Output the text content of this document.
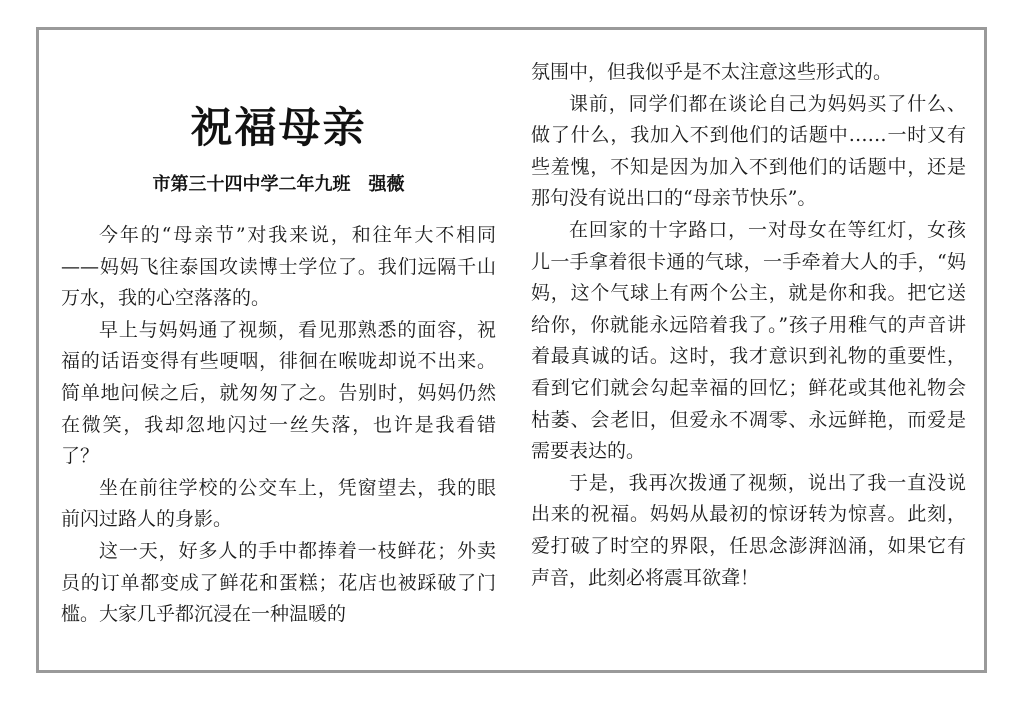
祝福母亲
市第三十四中学二年九班　强薇

今年的“母亲节”对我来说，和往年大不相同——妈妈飞往泰国攻读博士学位了。我们远隔千山万水，我的心空落落的。

早上与妈妈通了视频，看见那熟悉的面容，祝福的话语变得有些哽咽，徘徊在喉咙却说不出来。简单地问候之后，就匆匆了之。告别时，妈妈仍然在微笑，我却忽地闪过一丝失落，也许是我看错了？

坐在前往学校的公交车上，凭窗望去，我的眼前闪过路人的身影。

这一天，好多人的手中都捧着一枝鲜花；外卖员的订单都变成了鲜花和蛋糕；花店也被踩破了门槛。大家几乎都沉浸在一种温暖的

氛围中，但我似乎是不太注意这些形式的。

课前，同学们都在谈论自己为妈妈买了什么、做了什么，我加入不到他们的话题中……一时又有些羞愧，不知是因为加入不到他们的话题中，还是那句没有说出口的“母亲节快乐”。

在回家的十字路口，一对母女在等红灯，女孩儿一手拿着很卡通的气球，一手牵着大人的手，“妈妈，这个气球上有两个公主，就是你和我。把它送给你，你就能永远陪着我了。”孩子用稚气的声音讲着最真诚的话。这时，我才意识到礼物的重要性，看到它们就会勾起幸福的回忆；鲜花或其他礼物会枯萎、会老旧，但爱永不凋零、永远鲜艳，而爱是需要表达的。

于是，我再次拨通了视频，说出了我一直没说出来的祝福。妈妈从最初的惊讶转为惊喜。此刻，爱打破了时空的界限，任思念澎湃汹涌，如果它有声音，此刻必将震耳欲聋！
